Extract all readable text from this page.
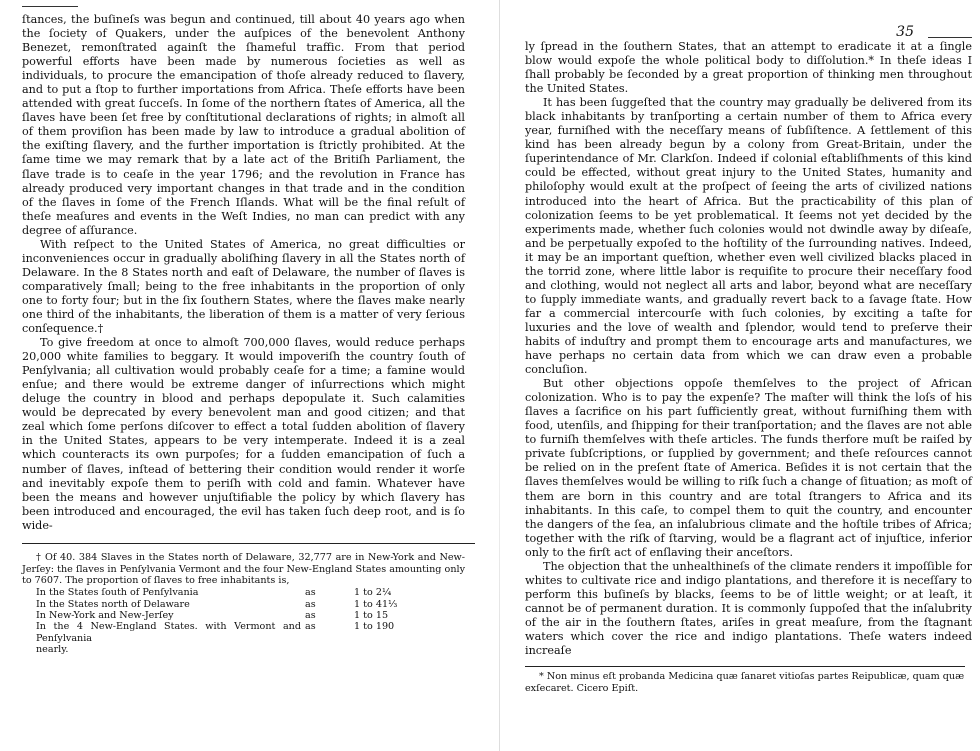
ſtances, the buſineſs was begun and continued, till about 40 years ago when the ſociety of Quakers, under the auſpices of the benevolent Anthony Benezet, remonſtrated againſt the ſhameful traffic. From that period powerful efforts have been made by numerous ſocieties as well as individuals, to procure the emancipation of thoſe already reduced to ſlavery, and to put a ſtop to further importations from Africa. Theſe efforts have been attended with great ſucceſs. In ſome of the northern ſtates of America, all the ſlaves have been ſet free by conſtitutional declarations of rights; in almoſt all of them proviſion has been made by law to introduce a gradual abolition of the exiſting ſlavery, and the further importation is ſtrictly prohibited. At the ſame time we may remark that by a late act of the Britiſh Parliament, the ſlave trade is to ceaſe in the year 1796; and the revolution in France has already produced very important changes in that trade and in the condition of the ſlaves in ſome of the French Iſlands. What will be the final reſult of theſe meaſures and events in the Weſt Indies, no man can predict with any degree of aſſurance.

With reſpect to the United States of America, no great difficulties or inconveniences occur in gradually aboliſhing ſlavery in all the States north of Delaware. In the 8 States north and eaſt of Delaware, the number of ſlaves is comparatively ſmall; being to the free inhabitants in the proportion of only one to forty four; but in the ſix ſouthern States, where the ſlaves make nearly one third of the inhabitants, the liberation of them is a matter of very ſerious conſequence.†

To give freedom at once to almoſt 700,000 ſlaves, would reduce perhaps 20,000 white families to beggary. It would impoveriſh the country ſouth of Penſylvania; all cultivation would probably ceaſe for a time; a famine would enſue; and there would be extreme danger of inſurrections which might deluge the country in blood and perhaps depopulate it. Such calamities would be deprecated by every benevolent man and good citizen; and that zeal which ſome perſons diſcover to effect a total ſudden abolition of ſlavery in the United States, appears to be very intemperate. Indeed it is a zeal which counteracts its own purpoſes; for a ſudden emancipation of ſuch a number of ſlaves, inſtead of bettering their condition would render it worſe and inevitably expoſe them to periſh with cold and famin. Whatever have been the means and however unjuſtifiable the policy by which ſlavery has been introduced and encouraged, the evil has taken ſuch deep root, and is ſo wide-

† Of 40. 384 Slaves in the States north of Delaware, 32,777 are in New-York and New-Jerſey: the ſlaves in Penſylvania Vermont and the four New-England States amounting only to 7607. The proportion of ſlaves to free inhabitants is,

In the States ſouth of Penſylvania	as	1 to 2¼
In the States north of Delaware	as	1 to 41⅓
In New-York and New-Jerſey	as	1 to 15
In the 4 New-England States. with Vermont and Penſylvania	as	1 to 190

nearly.

35

ly ſpread in the ſouthern States, that an attempt to eradicate it at a ſingle blow would expoſe the whole political body to diſſolution.* In theſe ideas I ſhall probably be ſeconded by a great proportion of thinking men throughout the United States.

It has been ſuggeſted that the country may gradually be delivered from its black inhabitants by tranſporting a certain number of them to Africa every year, furniſhed with the neceſſary means of ſubſiſtence. A ſettlement of this kind has been already begun by a colony from Great-Britain, under the ſuperintendance of Mr. Clarkſon. Indeed if colonial eſtabliſhments of this kind could be effected, without great injury to the United States, humanity and philoſophy would exult at the proſpect of ſeeing the arts of civilized nations introduced into the heart of Africa. But the practicability of this plan of colonization ſeems to be yet problematical. It ſeems not yet decided by the experiments made, whether ſuch colonies would not dwindle away by diſeaſe, and be perpetually expoſed to the hoſtility of the ſurrounding natives. Indeed, it may be an important queſtion, whether even well civilized blacks placed in the torrid zone, where little labor is requiſite to procure their neceſſary food and clothing, would not neglect all arts and labor, beyond what are neceſſary to ſupply immediate wants, and gradually revert back to a ſavage ſtate. How far a commercial intercourſe with ſuch colonies, by exciting a taſte for luxuries and the love of wealth and ſplendor, would tend to preſerve their habits of induſtry and prompt them to encourage arts and manufactures, we have perhaps no certain data from which we can draw even a probable concluſion.

But other objections oppoſe themſelves to the project of African colonization. Who is to pay the expenſe? The maſter will think the loſs of his ſlaves a ſacrifice on his part ſufficiently great, without furniſhing them with food, utenſils, and ſhipping for their tranſportation; and the ſlaves are not able to furniſh themſelves with theſe articles. The funds therfore muſt be raiſed by private ſubſcriptions, or ſupplied by government; and theſe reſources cannot be relied on in the preſent ſtate of America. Beſides it is not certain that the ſlaves themſelves would be willing to riſk ſuch a change of ſituation; as moſt of them are born in this country and are total ſtrangers to Africa and its inhabitants. In this caſe, to compel them to quit the country, and encounter the dangers of the ſea, an inſalubrious climate and the hoſtile tribes of Africa; together with the riſk of ſtarving, would be a flagrant act of injuſtice, inferior only to the firſt act of enſlaving their anceſtors.

The objection that the unhealthineſs of the climate renders it impoſſible for whites to cultivate rice and indigo plantations, and therefore it is neceſſary to perform this buſineſs by blacks, ſeems to be of little weight; or at leaſt, it cannot be of permanent duration. It is commonly ſuppoſed that the inſalubrity of the air in the ſouthern ſtates, ariſes in great meaſure, from the ſtagnant waters which cover the rice and indigo plantations. Theſe waters indeed increaſe

* Non minus eſt probanda Medicina quæ ſanaret vitioſas partes Reipublicæ, quam quæ exſecaret. Cicero Epiſt.
